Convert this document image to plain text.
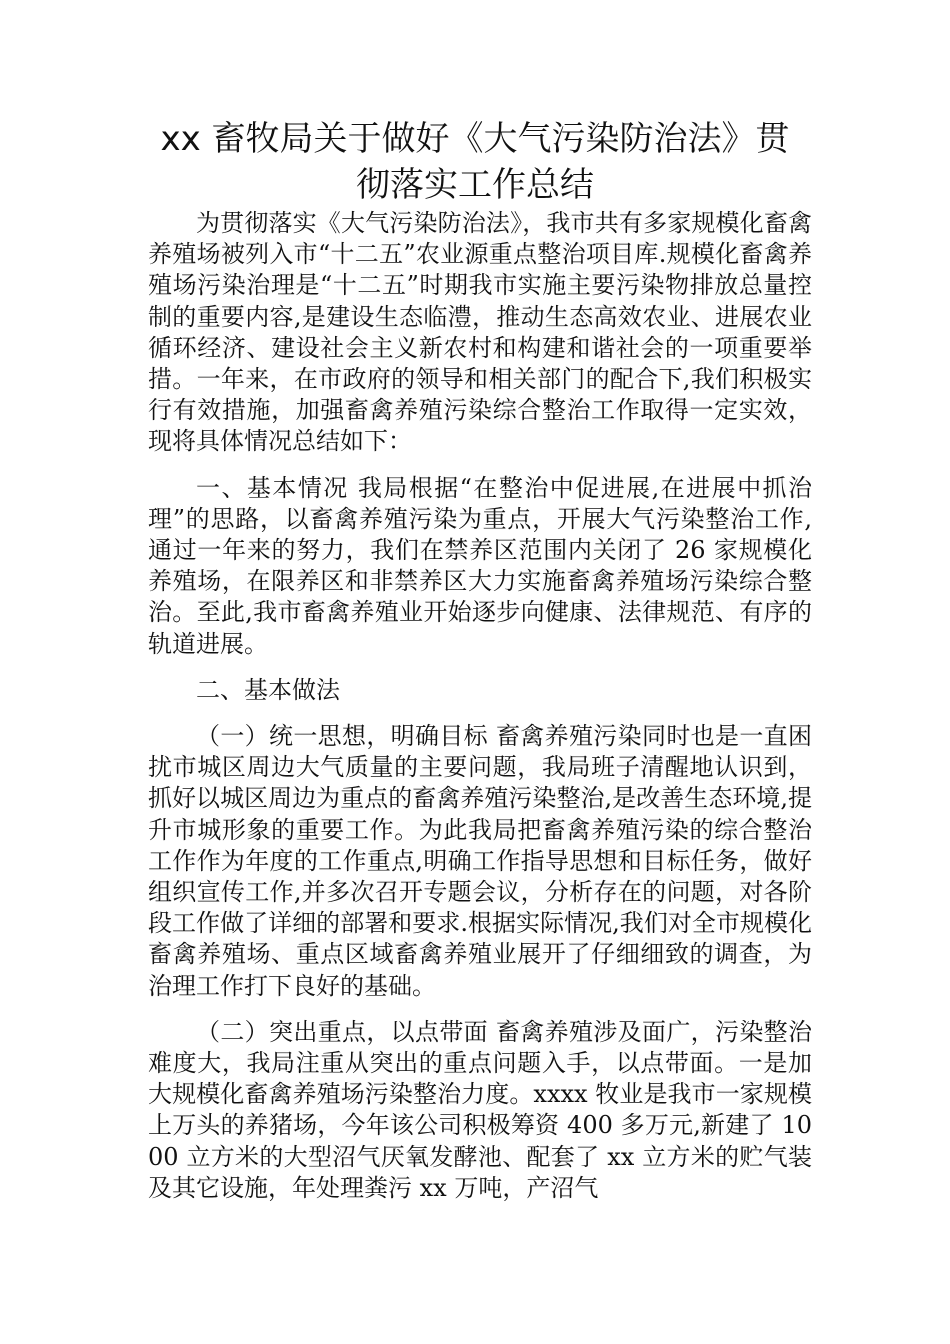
xx 畜牧局关于做好《大气污染防治法》贯
彻落实工作总结

为贯彻落实《大气污染防治法》，我市共有多家规模化畜禽养殖场被列入市“十二五”农业源重点整治项目库.规模化畜禽养殖场污染治理是“十二五”时期我市实施主要污染物排放总量控制的重要内容,是建设生态临澧，推动生态高效农业、进展农业循环经济、建设社会主义新农村和构建和谐社会的一项重要举措。一年来，在市政府的领导和相关部门的配合下,我们积极实行有效措施，加强畜禽养殖污染综合整治工作取得一定实效，现将具体情况总结如下：

一、基本情况 我局根据“在整治中促进展,在进展中抓治理”的思路，以畜禽养殖污染为重点，开展大气污染整治工作,通过一年来的努力，我们在禁养区范围内关闭了 26 家规模化养殖场，在限养区和非禁养区大力实施畜禽养殖场污染综合整治。至此,我市畜禽养殖业开始逐步向健康、法律规范、有序的轨道进展。

二、基本做法

（一）统一思想，明确目标 畜禽养殖污染同时也是一直困扰市城区周边大气质量的主要问题，我局班子清醒地认识到，抓好以城区周边为重点的畜禽养殖污染整治,是改善生态环境,提升市城形象的重要工作。为此我局把畜禽养殖污染的综合整治工作作为年度的工作重点,明确工作指导思想和目标任务，做好组织宣传工作,并多次召开专题会议，分析存在的问题，对各阶段工作做了详细的部署和要求.根据实际情况,我们对全市规模化畜禽养殖场、重点区域畜禽养殖业展开了仔细细致的调查，为治理工作打下良好的基础。

（二）突出重点，以点带面 畜禽养殖涉及面广，污染整治难度大，我局注重从突出的重点问题入手，以点带面。一是加大规模化畜禽养殖场污染整治力度。xxxx 牧业是我市一家规模上万头的养猪场，今年该公司积极筹资 400 多万元,新建了 1000 立方米的大型沼气厌氧发酵池、配套了 xx 立方米的贮气装及其它设施，年处理粪污 xx 万吨，产沼气
